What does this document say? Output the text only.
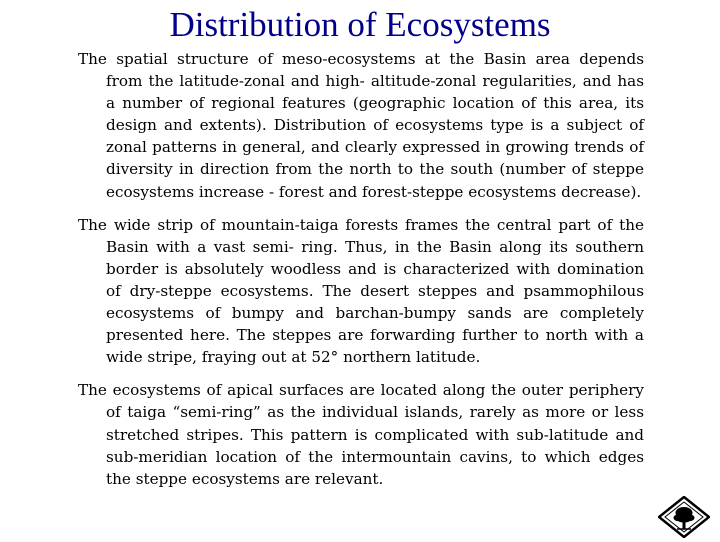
Distribution of Ecosystems

The spatial structure of meso-ecosystems at the Basin area depends from the latitude-zonal and high- altitude-zonal regularities, and has a number of regional features (geographic location of this area, its design and extents). Distribution of ecosystems type is a subject of zonal patterns in general, and clearly expressed in growing trends of diversity in direction from the north to the south (number of steppe ecosystems increase - forest and forest-steppe ecosystems decrease).

The wide strip of mountain-taiga forests frames the central part of the Basin with a vast semi- ring. Thus, in the Basin along its southern border is absolutely woodless and is characterized with domination of dry-steppe ecosystems. The desert steppes and psammophilous ecosystems of bumpy and barchan-bumpy sands are completely presented here. The steppes are forwarding further to north with a wide stripe, fraying out at 52° northern latitude.

The ecosystems of apical surfaces are located along the outer periphery of taiga “semi-ring” as the individual islands, rarely as more or less stretched stripes. This pattern is complicated with sub-latitude and sub-meridian location of the intermountain cavins, to which edges the steppe ecosystems are relevant.
